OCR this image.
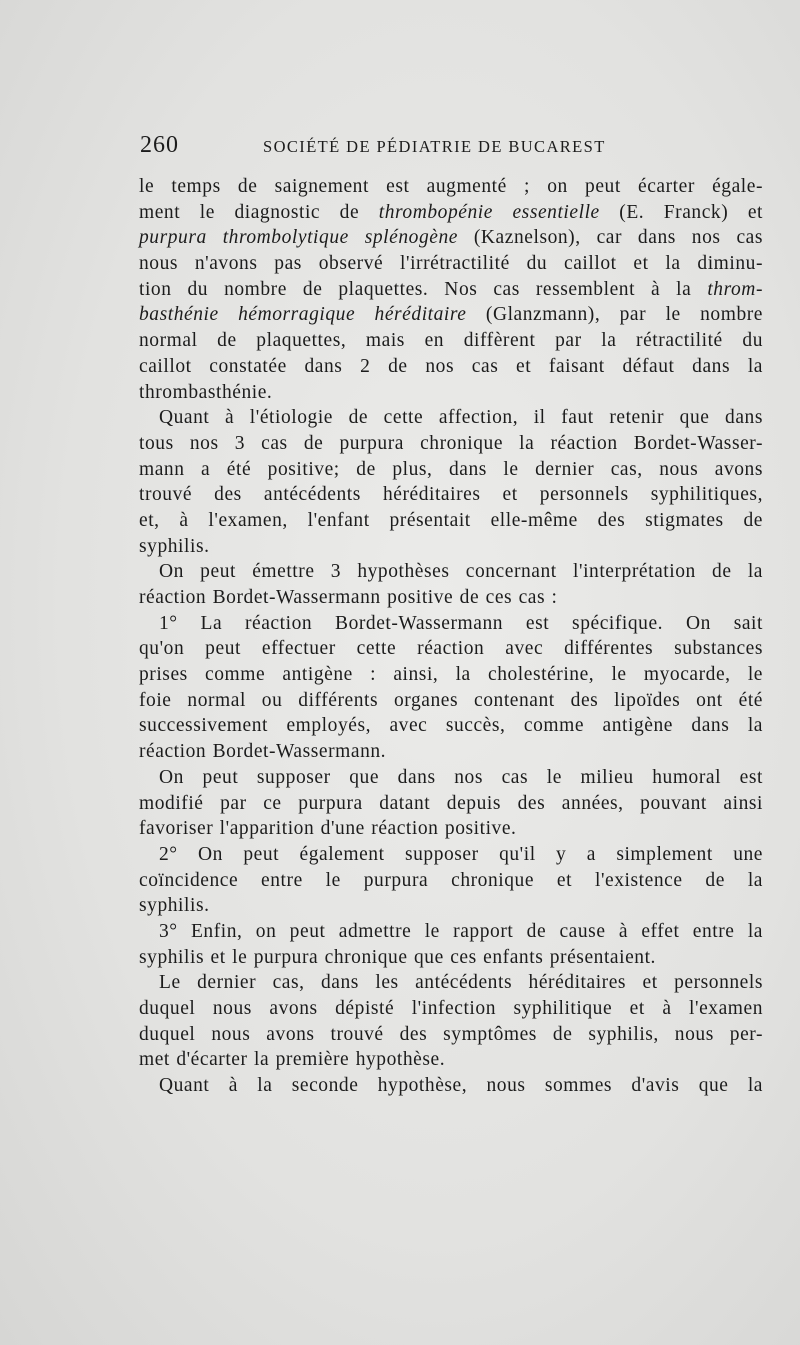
260	SOCIÉTÉ DE PÉDIATRIE DE BUCAREST
le temps de saignement est augmenté ; on peut écarter égale-
ment le diagnostic de thrombopénie essentielle (E. Franck) et
purpura thrombolytique splénogène (Kaznelson), car dans nos cas
nous n'avons pas observé l'irrétractilité du caillot et la diminu-
tion du nombre de plaquettes. Nos cas ressemblent à la throm-
basthénie hémorragique héréditaire (Glanzmann), par le nombre
normal de plaquettes, mais en diffèrent par la rétractilité du
caillot constatée dans 2 de nos cas et faisant défaut dans la
thrombasthénie.
Quant à l'étiologie de cette affection, il faut retenir que dans
tous nos 3 cas de purpura chronique la réaction Bordet-Wasser-
mann a été positive; de plus, dans le dernier cas, nous avons
trouvé des antécédents héréditaires et personnels syphilitiques,
et, à l'examen, l'enfant présentait elle-même des stigmates de
syphilis.
On peut émettre 3 hypothèses concernant l'interprétation de la
réaction Bordet-Wassermann positive de ces cas :
1° La réaction Bordet-Wassermann est spécifique. On sait
qu'on peut effectuer cette réaction avec différentes substances
prises comme antigène : ainsi, la cholestérine, le myocarde, le
foie normal ou différents organes contenant des lipoïdes ont été
successivement employés, avec succès, comme antigène dans la
réaction Bordet-Wassermann.
On peut supposer que dans nos cas le milieu humoral est
modifié par ce purpura datant depuis des années, pouvant ainsi
favoriser l'apparition d'une réaction positive.
2° On peut également supposer qu'il y a simplement une
coïncidence entre le purpura chronique et l'existence de la
syphilis.
3° Enfin, on peut admettre le rapport de cause à effet entre la
syphilis et le purpura chronique que ces enfants présentaient.
Le dernier cas, dans les antécédents héréditaires et personnels
duquel nous avons dépisté l'infection syphilitique et à l'examen
duquel nous avons trouvé des symptômes de syphilis, nous per-
met d'écarter la première hypothèse.
Quant à la seconde hypothèse, nous sommes d'avis que la
